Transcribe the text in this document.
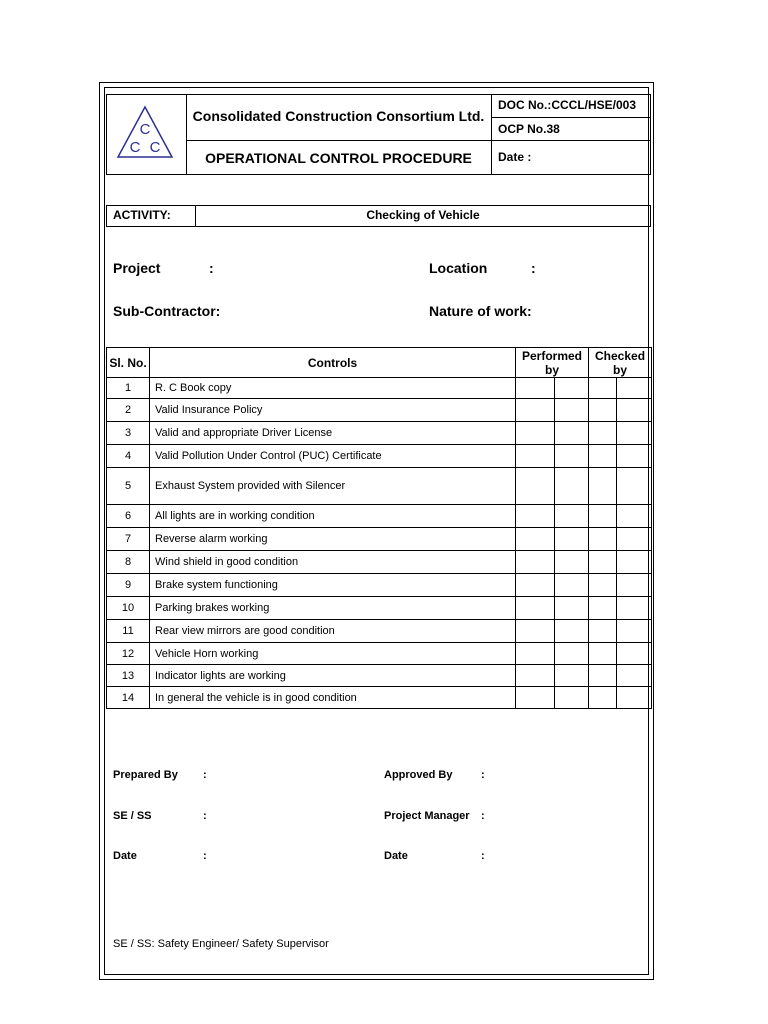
C
C C
Consolidated Construction Consortium Ltd.
OPERATIONAL CONTROL PROCEDURE
DOC No.:CCCL/HSE/003
OCP No.38
Date :
ACTIVITY:	Checking of Vehicle
Project	:	Location	:
Sub-Contractor:	Nature of work:
Sl. No.	Controls	Performed by		Checked by	
1	R. C Book copy				
2	Valid Insurance Policy				
3	Valid and appropriate Driver License				
4	Valid Pollution Under Control (PUC) Certificate				
5	Exhaust System provided with Silencer				
6	All lights are in working condition				
7	Reverse alarm working				
8	Wind shield in good condition				
9	Brake system functioning				
10	Parking brakes working				
11	Rear view mirrors are good condition				
12	Vehicle Horn working				
13	Indicator lights are working				
14	In general the vehicle is in good condition				
Prepared By :	Approved By	:
SE / SS	:	Project Manager :
Date	:	Date	:
SE / SS: Safety Engineer/ Safety Supervisor
